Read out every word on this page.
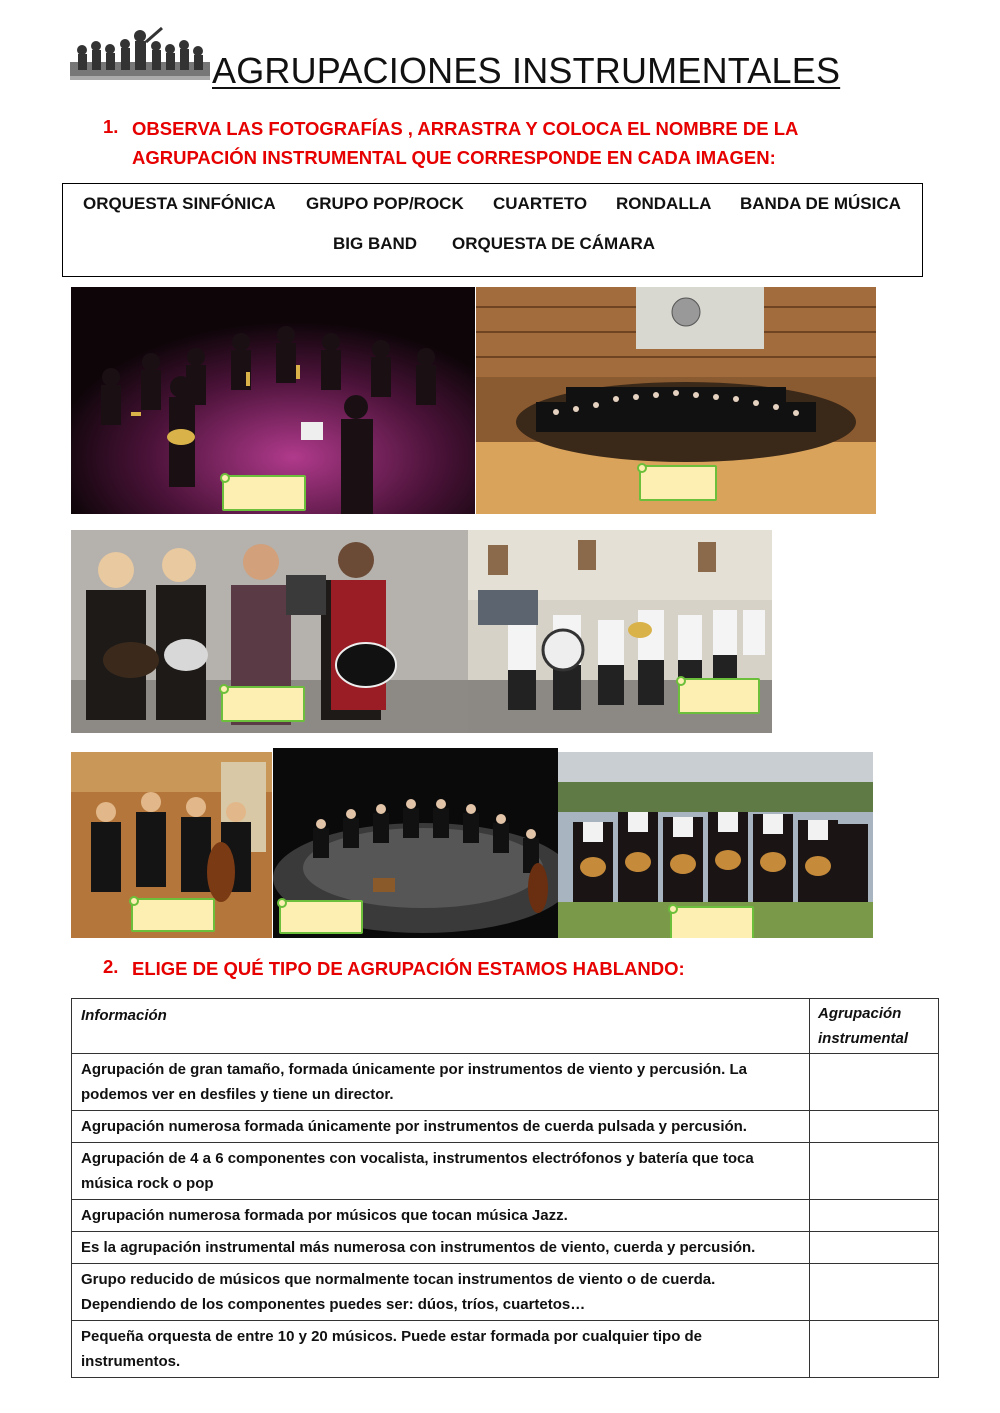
AGRUPACIONES INSTRUMENTALES
1. OBSERVA LAS FOTOGRAFÍAS , ARRASTRA Y COLOCA EL NOMBRE DE LA AGRUPACIÓN INSTRUMENTAL QUE CORRESPONDE EN CADA IMAGEN:
ORQUESTA SINFÓNICA GRUPO POP/ROCK CUARTETO RONDALLA BANDA DE MÚSICA
BIG BAND ORQUESTA DE CÁMARA
2. ELIGE DE QUÉ TIPO DE AGRUPACIÓN ESTAMOS HABLANDO:
Información	Agrupación instrumental
Agrupación de gran tamaño, formada únicamente por instrumentos de viento y percusión. La podemos ver en desfiles y tiene un director.	
Agrupación numerosa formada únicamente por instrumentos de cuerda pulsada y percusión.	
Agrupación de 4 a 6 componentes con vocalista, instrumentos electrófonos y batería que toca música rock o pop	
Agrupación numerosa formada por músicos que tocan música Jazz.	
Es la agrupación instrumental más numerosa con instrumentos de viento, cuerda y percusión.	
Grupo reducido de músicos que normalmente tocan instrumentos de viento o de cuerda. Dependiendo de los componentes puedes ser: dúos, tríos, cuartetos…	
Pequeña orquesta de entre 10 y 20 músicos. Puede estar formada por cualquier tipo de instrumentos.	
